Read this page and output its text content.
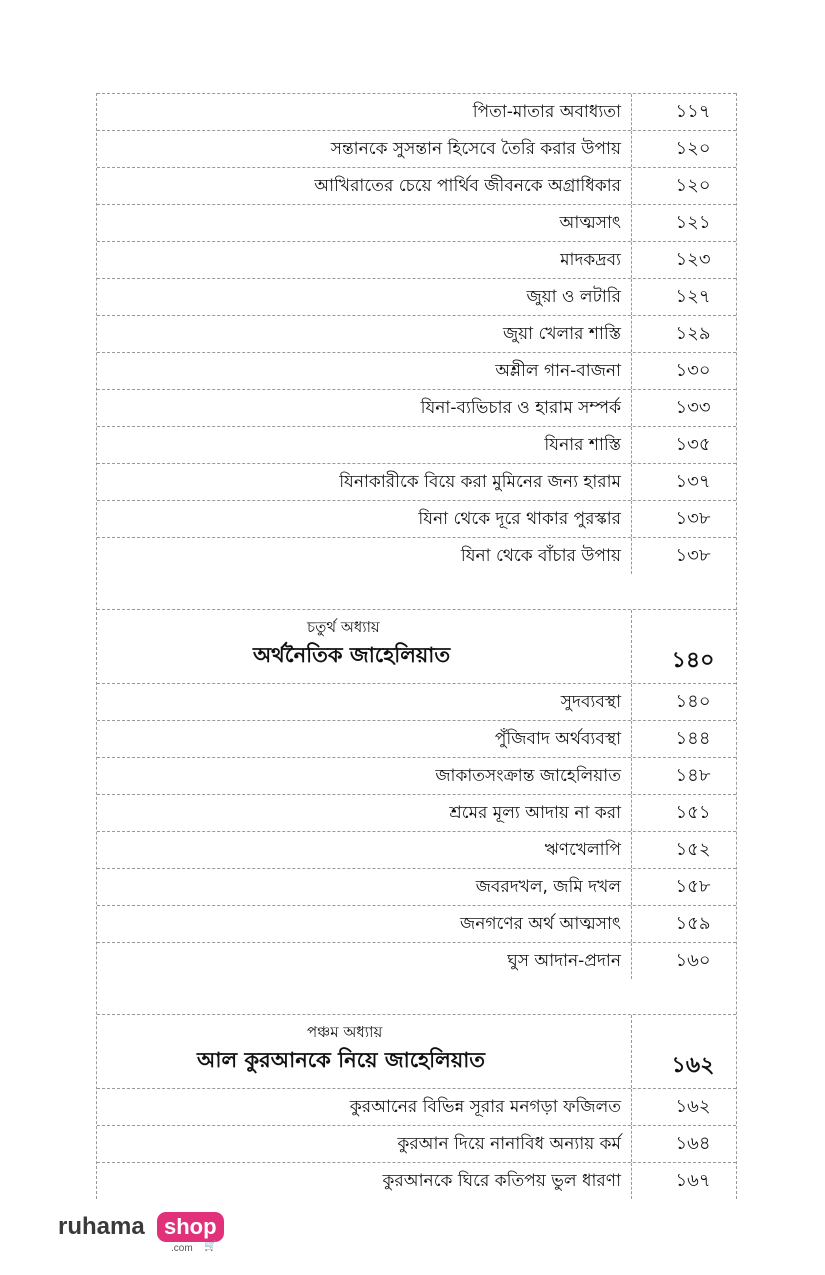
পিতা-মাতার অবাধ্যতা	১১৭
সন্তানকে সুসন্তান হিসেবে তৈরি করার উপায়	১২০
আখিরাতের চেয়ে পার্থিব জীবনকে অগ্রাধিকার	১২০
আত্মসাৎ	১২১
মাদকদ্রব্য	১২৩
জুয়া ও লটারি	১২৭
জুয়া খেলার শাস্তি	১২৯
অশ্লীল গান-বাজনা	১৩০
যিনা-ব্যভিচার ও হারাম সম্পর্ক	১৩৩
যিনার শাস্তি	১৩৫
যিনাকারীকে বিয়ে করা মুমিনের জন্য হারাম	১৩৭
যিনা থেকে দূরে থাকার পুরস্কার	১৩৮
যিনা থেকে বাঁচার উপায়	১৩৮
চতুর্থ অধ্যায়
অর্থনৈতিক জাহেলিয়াত	১৪০
সুদব্যবস্থা	১৪০
পুঁজিবাদ অর্থব্যবস্থা	১৪৪
জাকাতসংক্রান্ত জাহেলিয়াত	১৪৮
শ্রমের মূল্য আদায় না করা	১৫১
ঋণখেলাপি	১৫২
জবরদখল, জমি দখল	১৫৮
জনগণের অর্থ আত্মসাৎ	১৫৯
ঘুস আদান-প্রদান	১৬০
পঞ্চম অধ্যায়
আল কুরআনকে নিয়ে জাহেলিয়াত	১৬২
কুরআনের বিভিন্ন সূরার মনগড়া ফজিলত	১৬২
কুরআন দিয়ে নানাবিধ অন্যায় কর্ম	১৬৪
কুরআনকে ঘিরে কতিপয় ভুল ধারণা	১৬৭
ruhama shop
.com 🛒
